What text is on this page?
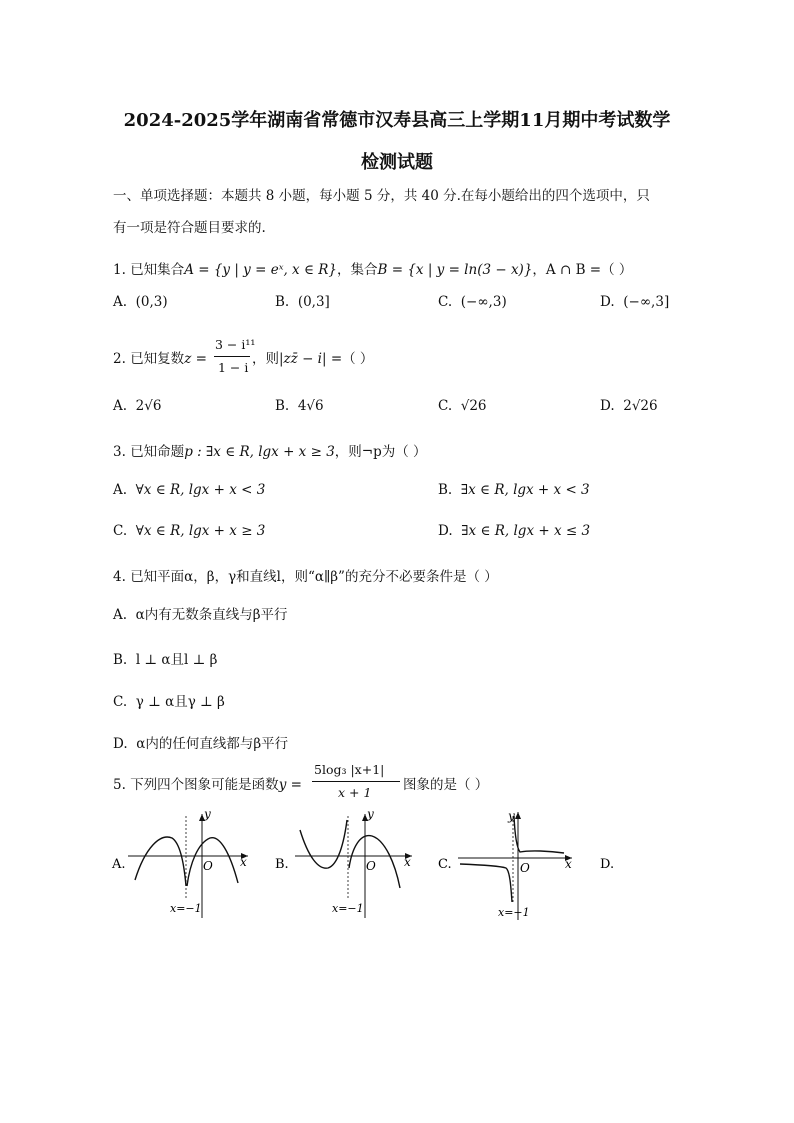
2024-2025学年湖南省常德市汉寿县高三上学期11月期中考试数学
检测试题
一、单项选择题：本题共 8 小题，每小题 5 分，共 40 分.在每小题给出的四个选项中，只
有一项是符合题目要求的.
1. 已知集合A = {y | y = eˣ, x ∈ R}，集合B = {x | y = ln(3 − x)}，A ∩ B =（ ）
A. (0,3)	B. (0,3]	C. (−∞,3)	D. (−∞,3]
2. 已知复数z =
3 − i¹¹
1 − i
，则|zz̄ − i| =（ ）
A. 2√6	B. 4√6	C. √26	D. 2√26
3. 已知命题p : ∃x ∈ R, lgx + x ≥ 3，则¬p为（ ）
A. ∀x ∈ R, lgx + x < 3	B. ∃x ∈ R, lgx + x < 3
C. ∀x ∈ R, lgx + x ≥ 3	D. ∃x ∈ R, lgx + x ≤ 3
4. 已知平面α，β，γ和直线l，则“α∥β”的充分不必要条件是（ ）
A. α内有无数条直线与β平行
B. l ⊥ α且l ⊥ β
C. γ ⊥ α且γ ⊥ β
D. α内的任何直线都与β平行
5. 下列四个图象可能是函数y =
5log₃ |x+1|
x + 1 图象的是（ ）
A.
y
x
O
x=−1
B.
y
x
O
x=−1
C.
y
x
O
x=−1
D.
